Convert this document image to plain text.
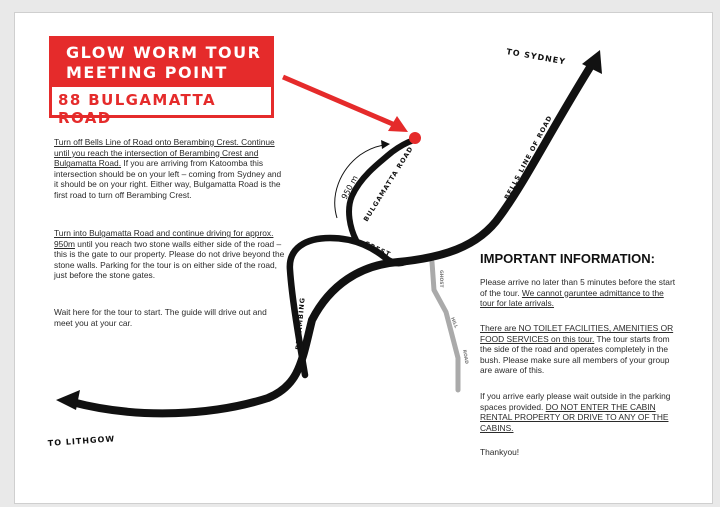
TO SYDNEY
TO LITHGOW
BELLS LINE OF ROAD
BULGAMATTA ROAD
950 m
CREST
BERAMBING
GHOST
HILL
ROAD
GLOW WORM TOUR
MEETING POINT
88 BULGAMATTA ROAD

Turn off Bells Line of Road onto Berambing Crest. Continue until you reach the intersection of Berambing Crest and Bulgamatta Road. If you are arriving from Katoomba this intersection should be on your left – coming from Sydney and it should be on your right. Either way, Bulgamatta Road is the first road to turn off Berambing Crest.

Turn into Bulgamatta Road and continue driving for approx. 950m until you reach two stone walls either side of the road – this is the gate to our property. Please do not drive beyond the stone walls. Parking for the tour is on either side of the road, just before the stone gates.

Wait here for the tour to start. The guide will drive out and meet you at your car.

IMPORTANT INFORMATION:

Please arrive no later than 5 minutes before the start of the tour. We cannot garuntee admittance to the tour for late arrivals.

There are NO TOILET FACILITIES, AMENITIES OR FOOD SERVICES on this tour. The tour starts from the side of the road and operates completely in the bush. Please make sure all members of your group are aware of this.

If you arrive early please wait outside in the parking spaces provided. DO NOT ENTER THE CABIN RENTAL PROPERTY OR DRIVE TO ANY OF THE CABINS.

Thankyou!
